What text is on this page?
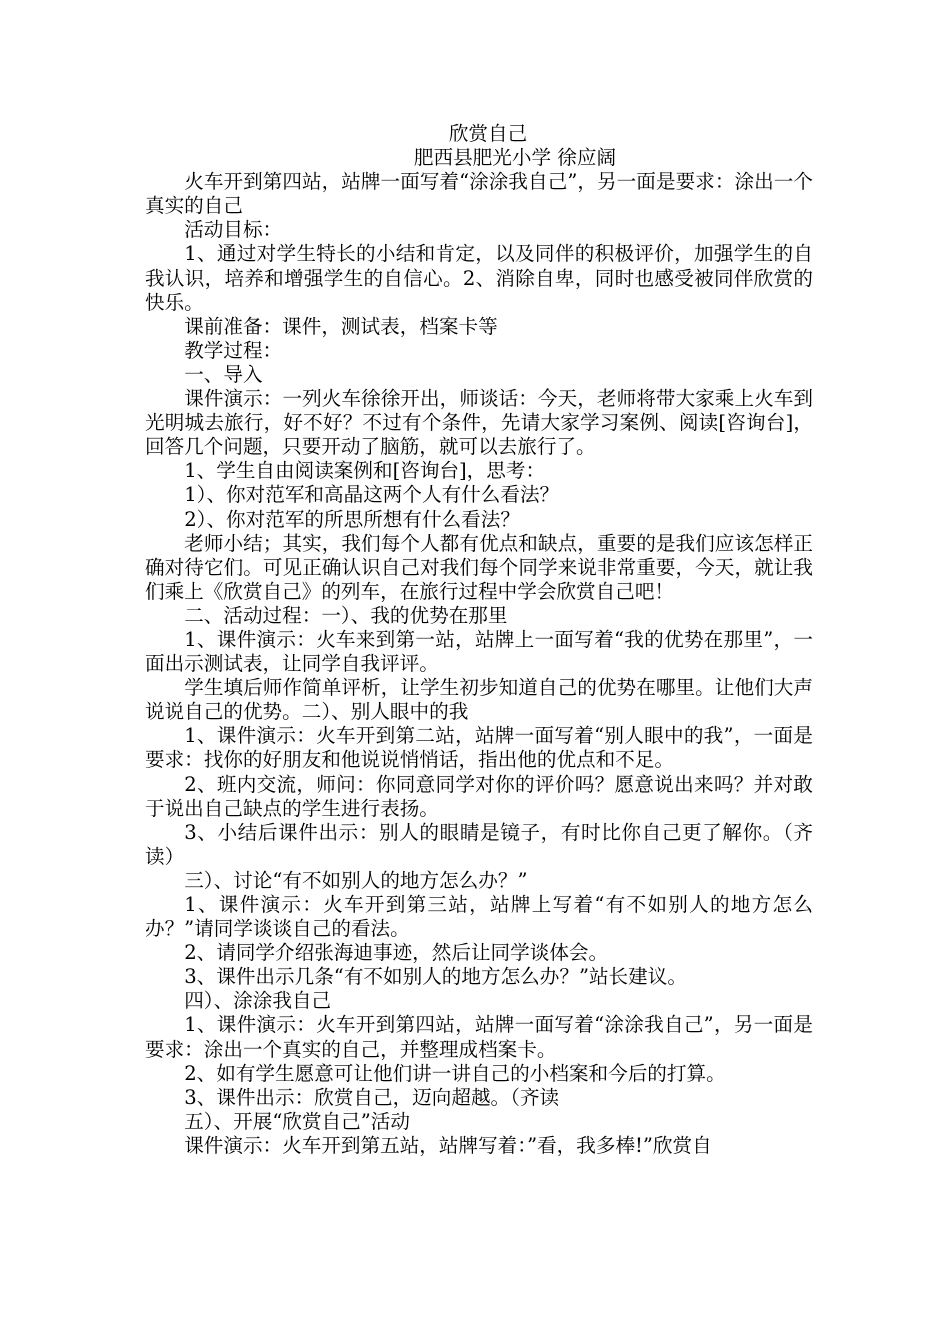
欣赏自己

肥西县肥光小学 徐应阔

火车开到第四站，站牌一面写着“涂涂我自己”，另一面是要求：涂出一个真实的自己

活动目标：

1、通过对学生特长的小结和肯定，以及同伴的积极评价，加强学生的自我认识，培养和增强学生的自信心。2、消除自卑，同时也感受被同伴欣赏的快乐。

课前准备：课件，测试表，档案卡等

教学过程：

一、导入

课件演示：一列火车徐徐开出，师谈话：今天，老师将带大家乘上火车到光明城去旅行，好不好？不过有个条件，先请大家学习案例、阅读[咨询台]，回答几个问题，只要开动了脑筋，就可以去旅行了。

1、学生自由阅读案例和[咨询台]，思考：

1）、你对范军和高晶这两个人有什么看法？

2）、你对范军的所思所想有什么看法？

老师小结；其实，我们每个人都有优点和缺点，重要的是我们应该怎样正确对待它们。可见正确认识自己对我们每个同学来说非常重要，今天，就让我们乘上《欣赏自己》的列车，在旅行过程中学会欣赏自己吧！

二、活动过程：一）、我的优势在那里

1、课件演示：火车来到第一站，站牌上一面写着“我的优势在那里”，一面出示测试表，让同学自我评评。

学生填后师作简单评析，让学生初步知道自己的优势在哪里。让他们大声说说自己的优势。二）、别人眼中的我

1、课件演示：火车开到第二站，站牌一面写着“别人眼中的我”，一面是要求：找你的好朋友和他说说悄悄话，指出他的优点和不足。

2、班内交流，师问：你同意同学对你的评价吗？愿意说出来吗？并对敢于说出自己缺点的学生进行表扬。

3、小结后课件出示：别人的眼睛是镜子，有时比你自己更了解你。（齐读）

三）、讨论“有不如别人的地方怎么办？”

1、课件演示：火车开到第三站，站牌上写着“有不如别人的地方怎么办？”请同学谈谈自己的看法。

2、请同学介绍张海迪事迹，然后让同学谈体会。

3、课件出示几条“有不如别人的地方怎么办？”站长建议。

四）、涂涂我自己

1、课件演示：火车开到第四站，站牌一面写着“涂涂我自己”，另一面是要求：涂出一个真实的自己，并整理成档案卡。

2、如有学生愿意可让他们讲一讲自己的小档案和今后的打算。

3、课件出示：欣赏自己，迈向超越。（齐读

五）、开展“欣赏自己”活动

课件演示：火车开到第五站，站牌写着：”看，我多棒!”欣赏自
